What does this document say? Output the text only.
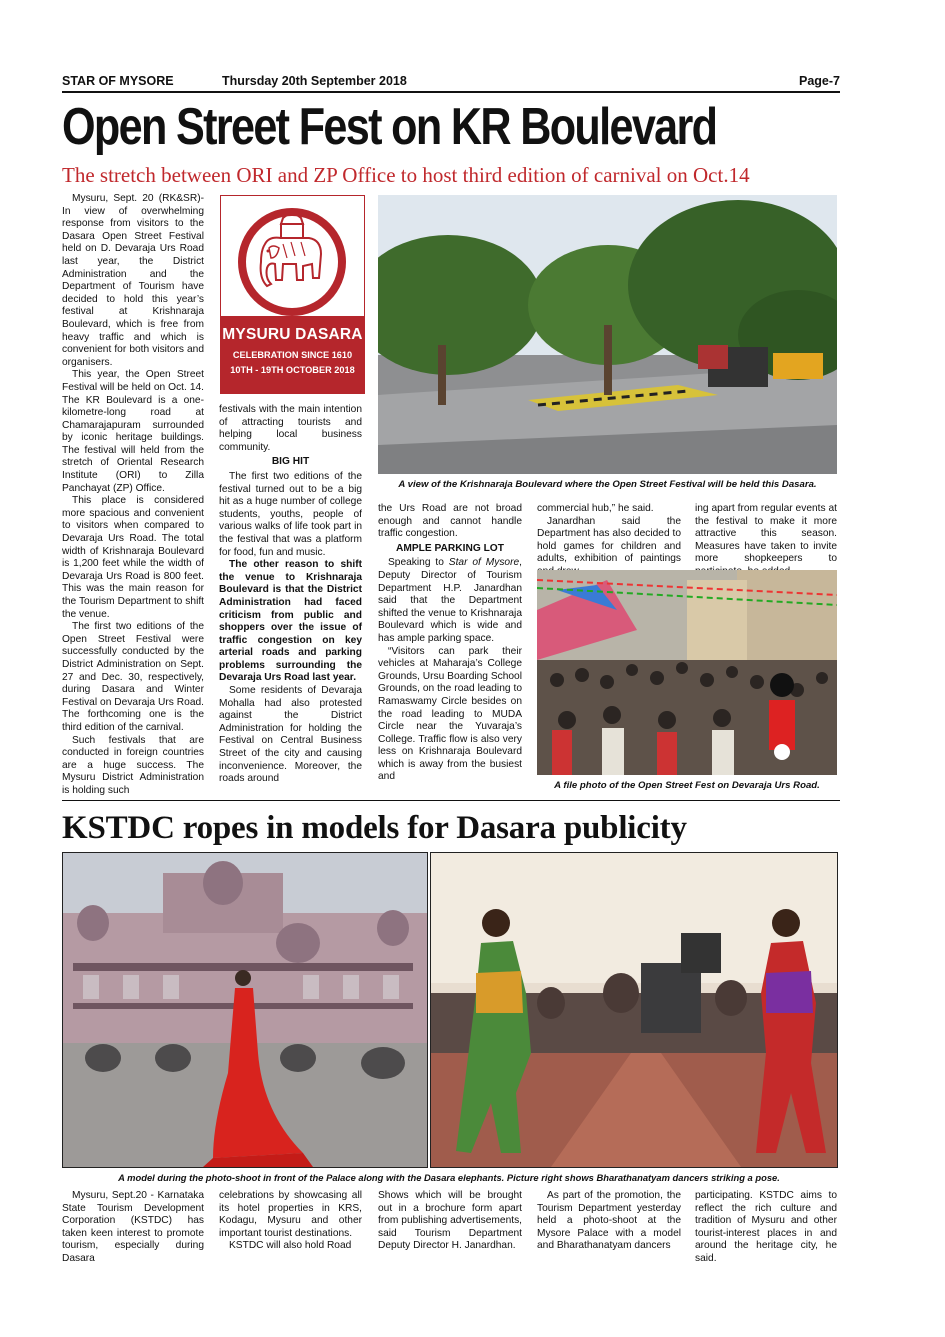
STAR OF MYSORE	Thursday 20th September 2018	Page-7
Open Street Fest on KR Boulevard
The stretch between ORI and ZP Office to host third edition of carnival on Oct.14

Mysuru, Sept. 20 (RK&SR)- In view of overwhelming response from visitors to the Dasara Open Street Festival held on D. Devaraja Urs Road last year, the District Administration and the Department of Tourism have decided to hold this year’s festival at Krishnaraja Boulevard, which is free from heavy traffic and which is convenient for both visitors and organisers.

This year, the Open Street Festival will be held on Oct. 14. The KR Boulevard is a one-kilometre-long road at Chamarajapuram surrounded by iconic heritage buildings. The festival will held from the stretch of Oriental Research Institute (ORI) to Zilla Panchayat (ZP) Office.

This place is considered more spacious and convenient to visitors when compared to Devaraja Urs Road. The total width of Krishnaraja Boulevard is 1,200 feet while the width of Devaraja Urs Road is 800 feet. This was the main reason for the Tourism Department to shift the venue.

The first two editions of the Open Street Festival were successfully conducted by the District Administration on Sept. 27 and Dec. 30, respectively, during Dasara and Winter Festival on Devaraja Urs Road. The forthcoming one is the third edition of the carnival.

Such festivals that are conducted in foreign countries are a huge success. The Mysuru District Administration is holding such

MYSURU DASARA
CELEBRATION SINCE 1610
10TH - 19TH OCTOBER 2018

festivals with the main intention of attracting tourists and helping local business community.

BIG HIT

The first two editions of the festival turned out to be a big hit as a huge number of college students, youths, people of various walks of life took part in the festival that was a platform for food, fun and music.

The other reason to shift the venue to Krishnaraja Boulevard is that the District Administration had faced criticism from public and shoppers over the issue of traffic congestion on key arterial roads and parking problems surrounding the Devaraja Urs Road last year.

Some residents of Devaraja Mohalla had also protested against the District Administration for holding the Festival on Central Business Street of the city and causing inconvenience. Moreover, the roads around

A view of the Krishnaraja Boulevard where the Open Street Festival will be held this Dasara.

the Urs Road are not broad enough and cannot handle traffic congestion.

AMPLE PARKING LOT

Speaking to Star of Mysore, Deputy Director of Tourism Department H.P. Janardhan said that the Department shifted the venue to Krishnaraja Boulevard which is wide and has ample parking space.

“Visitors can park their vehicles at Maharaja’s College Grounds, Ursu Boarding School Grounds, on the road leading to Ramaswamy Circle besides on the road leading to MUDA Circle near the Yuvaraja’s College. Traffic flow is also very less on Krishnaraja Boulevard which is away from the busiest and

commercial hub,” he said.

Janardhan said the Department has also decided to hold games for children and adults, exhibition of paintings

ing apart from regular events at the festival to make it more attractive this season. Measures have taken to invite more shopkeepers to

A file photo of the Open Street Fest on Devaraja Urs Road.
KSTDC ropes in models for Dasara publicity
A model during the photo-shoot in front of the Palace along with the Dasara elephants. Picture right shows Bharathanatyam dancers striking a pose.

Mysuru, Sept.20 - Karnataka State Tourism Development Corporation (KSTDC) has taken keen interest to promote tourism, especially during Dasara

celebrations by showcasing all its hotel properties in KRS, Kodagu, Mysuru and other important tourist destinations.

KSTDC will also hold Road

Shows which will be brought out in a brochure form apart from publishing advertisements, said Tourism Department Deputy Director H. Janardhan.

As part of the promotion, the Tourism Department yesterday held a photo-shoot at the Mysore Palace with a model and Bharathanatyam dancers

participating. KSTDC aims to reflect the rich culture and tradition of Mysuru and other tourist-interest places in and around the heritage city, he said.
